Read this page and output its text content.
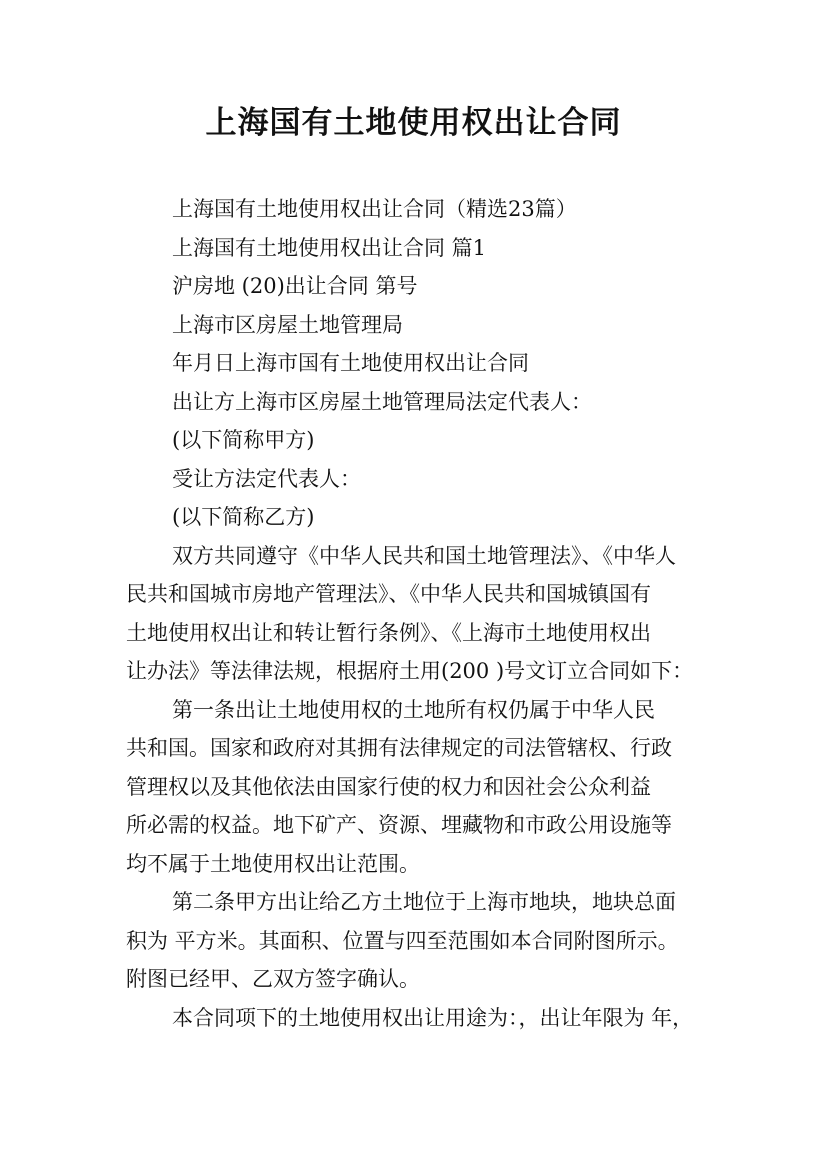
上海国有土地使用权出让合同
上海国有土地使用权出让合同（精选23篇）
上海国有土地使用权出让合同 篇1
沪房地 (20)出让合同 第号
上海市区房屋土地管理局
年月日上海市国有土地使用权出让合同
出让方上海市区房屋土地管理局法定代表人：
(以下简称甲方)
受让方法定代表人：
(以下简称乙方)
双方共同遵守《中华人民共和国土地管理法》、《中华人
民共和国城市房地产管理法》、《中华人民共和国城镇国有
土地使用权出让和转让暂行条例》、《上海市土地使用权出
让办法》等法律法规，根据府土用(200 )号文订立合同如下：
第一条出让土地使用权的土地所有权仍属于中华人民
共和国。国家和政府对其拥有法律规定的司法管辖权、行政
管理权以及其他依法由国家行使的权力和因社会公众利益
所必需的权益。地下矿产、资源、埋藏物和市政公用设施等
均不属于土地使用权出让范围。
第二条甲方出让给乙方土地位于上海市地块，地块总面
积为 平方米。其面积、位置与四至范围如本合同附图所示。
附图已经甲、乙双方签字确认。
本合同项下的土地使用权出让用途为：，出让年限为 年，
